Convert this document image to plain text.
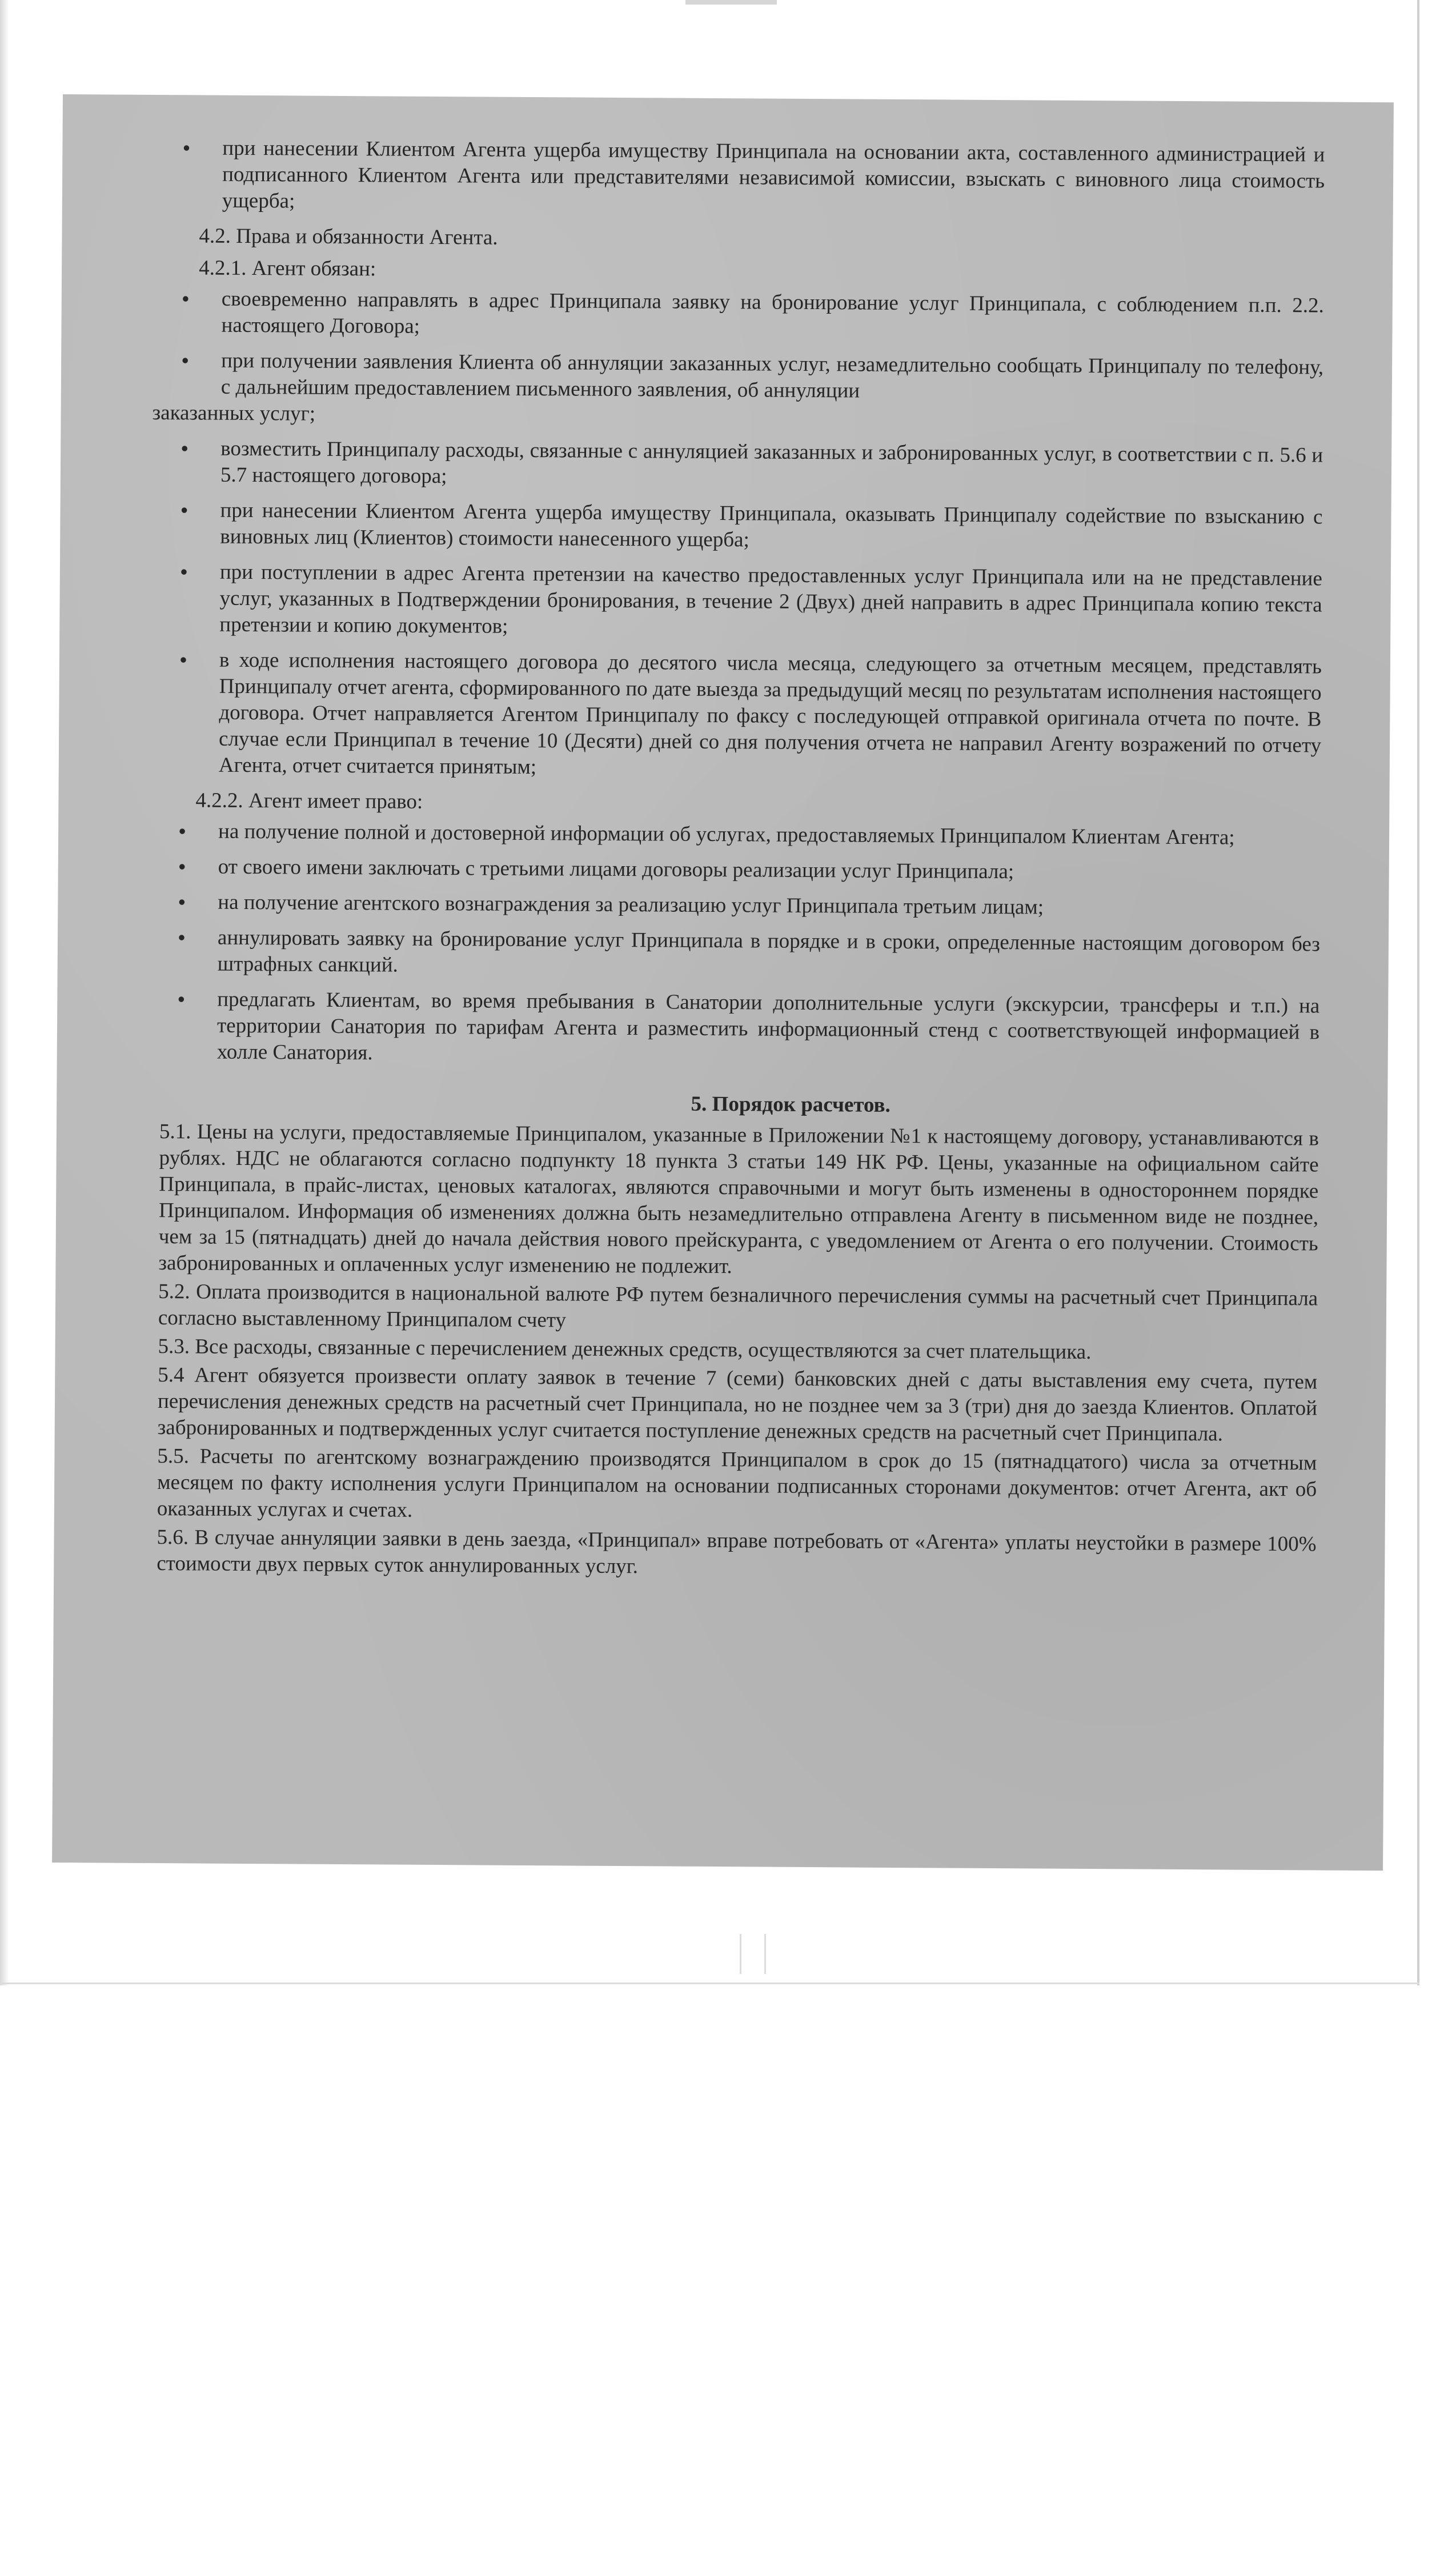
• при нанесении Клиентом Агента ущерба имуществу Принципала на основании акта, составленного администрацией и подписанного Клиентом Агента или представителями независимой комиссии, взыскать с виновного лица стоимость ущерба;
4.2. Права и обязанности Агента.
4.2.1. Агент обязан:
• своевременно направлять в адрес Принципала заявку на бронирование услуг Принципала, с соблюдением п.п. 2.2. настоящего Договора;
• при получении заявления Клиента об аннуляции заказанных услуг, незамедлительно сообщать Принципалу по телефону, с дальнейшим предоставлением письменного заявления, об аннуляции
заказанных услуг;
• возместить Принципалу расходы, связанные с аннуляцией заказанных и забронированных услуг, в соответствии с п. 5.6 и 5.7 настоящего договора;
• при нанесении Клиентом Агента ущерба имуществу Принципала, оказывать Принципалу содействие по взысканию с виновных лиц (Клиентов) стоимости нанесенного ущерба;
• при поступлении в адрес Агента претензии на качество предоставленных услуг Принципала или на не представление услуг, указанных в Подтверждении бронирования, в течение 2 (Двух) дней направить в адрес Принципала копию текста претензии и копию документов;
• в ходе исполнения настоящего договора до десятого числа месяца, следующего за отчетным месяцем, представлять Принципалу отчет агента, сформированного по дате выезда за предыдущий месяц по результатам исполнения настоящего договора. Отчет направляется Агентом Принципалу по факсу с последующей отправкой оригинала отчета по почте. В случае если Принципал в течение 10 (Десяти) дней со дня получения отчета не направил Агенту возражений по отчету Агента, отчет считается принятым;
4.2.2. Агент имеет право:
• на получение полной и достоверной информации об услугах, предоставляемых Принципалом Клиентам Агента;
• от своего имени заключать с третьими лицами договоры реализации услуг Принципала;
• на получение агентского вознаграждения за реализацию услуг Принципала третьим лицам;
• аннулировать заявку на бронирование услуг Принципала в порядке и в сроки, определенные настоящим договором без штрафных санкций.
• предлагать Клиентам, во время пребывания в Санатории дополнительные услуги (экскурсии, трансферы и т.п.) на территории Санатория по тарифам Агента и разместить информационный стенд с соответствующей информацией в холле Санатория.
5. Порядок расчетов.

5.1. Цены на услуги, предоставляемые Принципалом, указанные в Приложении №1 к настоящему договору, устанавливаются в рублях. НДС не облагаются согласно подпункту 18 пункта 3 статьи 149 НК РФ. Цены, указанные на официальном сайте Принципала, в прайс-листах, ценовых каталогах, являются справочными и могут быть изменены в одностороннем порядке Принципалом. Информация об изменениях должна быть незамедлительно отправлена Агенту в письменном виде не позднее, чем за 15 (пятнадцать) дней до начала действия нового прейскуранта, с уведомлением от Агента о его получении. Стоимость забронированных и оплаченных услуг изменению не подлежит.

5.2. Оплата производится в национальной валюте РФ путем безналичного перечисления суммы на расчетный счет Принципала согласно выставленному Принципалом счету

5.3. Все расходы, связанные с перечислением денежных средств, осуществляются за счет плательщика.

5.4 Агент обязуется произвести оплату заявок в течение 7 (семи) банковских дней с даты выставления ему счета, путем перечисления денежных средств на расчетный счет Принципала, но не позднее чем за 3 (три) дня до заезда Клиентов. Оплатой забронированных и подтвержденных услуг считается поступление денежных средств на расчетный счет Принципала.

5.5. Расчеты по агентскому вознаграждению производятся Принципалом в срок до 15 (пятнадцатого) числа за отчетным месяцем по факту исполнения услуги Принципалом на основании подписанных сторонами документов: отчет Агента, акт об оказанных услугах и счетах.

5.6. В случае аннуляции заявки в день заезда, «Принципал» вправе потребовать от «Агента» уплаты неустойки в размере 100% стоимости двух первых суток аннулированных услуг.
